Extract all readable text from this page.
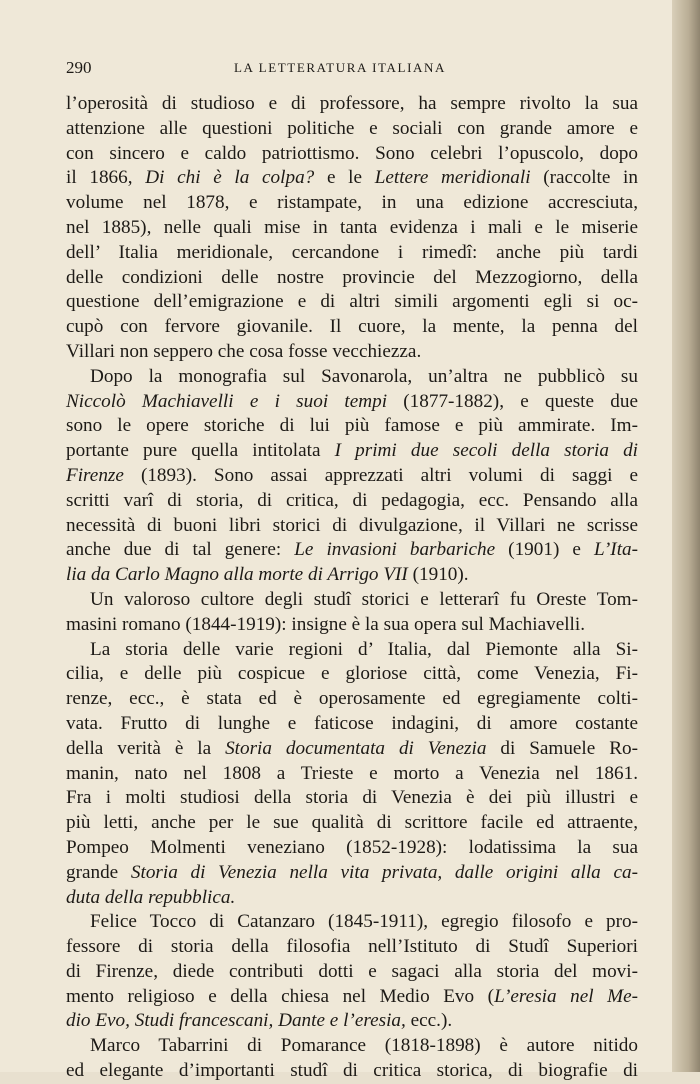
290	LA LETTERATURA ITALIANA
l’operosità di studioso e di professore, ha sempre rivolto la sua
attenzione alle questioni politiche e sociali con grande amore e
con sincero e caldo patriottismo. Sono celebri l’opuscolo, dopo
il 1866, Di chi è la colpa? e le Lettere meridionali (raccolte in
volume nel 1878, e ristampate, in una edizione accresciuta,
nel 1885), nelle quali mise in tanta evidenza i mali e le miserie
dell’ Italia meridionale, cercandone i rimedî: anche più tardi
delle condizioni delle nostre provincie del Mezzogiorno, della
questione dell’emigrazione e di altri simili argomenti egli si oc-
cupò con fervore giovanile. Il cuore, la mente, la penna del
Villari non seppero che cosa fosse vecchiezza.
Dopo la monografia sul Savonarola, un’altra ne pubblicò su
Niccolò Machiavelli e i suoi tempi (1877-1882), e queste due
sono le opere storiche di lui più famose e più ammirate. Im-
portante pure quella intitolata I primi due secoli della storia di
Firenze (1893). Sono assai apprezzati altri volumi di saggi e
scritti varî di storia, di critica, di pedagogia, ecc. Pensando alla
necessità di buoni libri storici di divulgazione, il Villari ne scrisse
anche due di tal genere: Le invasioni barbariche (1901) e L’Ita-
lia da Carlo Magno alla morte di Arrigo VII (1910).
Un valoroso cultore degli studî storici e letterarî fu Oreste Tom-
masini romano (1844-1919): insigne è la sua opera sul Machiavelli.
La storia delle varie regioni d’ Italia, dal Piemonte alla Si-
cilia, e delle più cospicue e gloriose città, come Venezia, Fi-
renze, ecc., è stata ed è operosamente ed egregiamente colti-
vata. Frutto di lunghe e faticose indagini, di amore costante
della verità è la Storia documentata di Venezia di Samuele Ro-
manin, nato nel 1808 a Trieste e morto a Venezia nel 1861.
Fra i molti studiosi della storia di Venezia è dei più illustri e
più letti, anche per le sue qualità di scrittore facile ed attraente,
Pompeo Molmenti veneziano (1852-1928): lodatissima la sua
grande Storia di Venezia nella vita privata, dalle origini alla ca-
duta della repubblica.
Felice Tocco di Catanzaro (1845-1911), egregio filosofo e pro-
fessore di storia della filosofia nell’Istituto di Studî Superiori
di Firenze, diede contributi dotti e sagaci alla storia del movi-
mento religioso e della chiesa nel Medio Evo (L’eresia nel Me-
dio Evo, Studi francescani, Dante e l’eresia, ecc.).
Marco Tabarrini di Pomarance (1818-1898) è autore nitido
ed elegante d’importanti studî di critica storica, di biografie di
